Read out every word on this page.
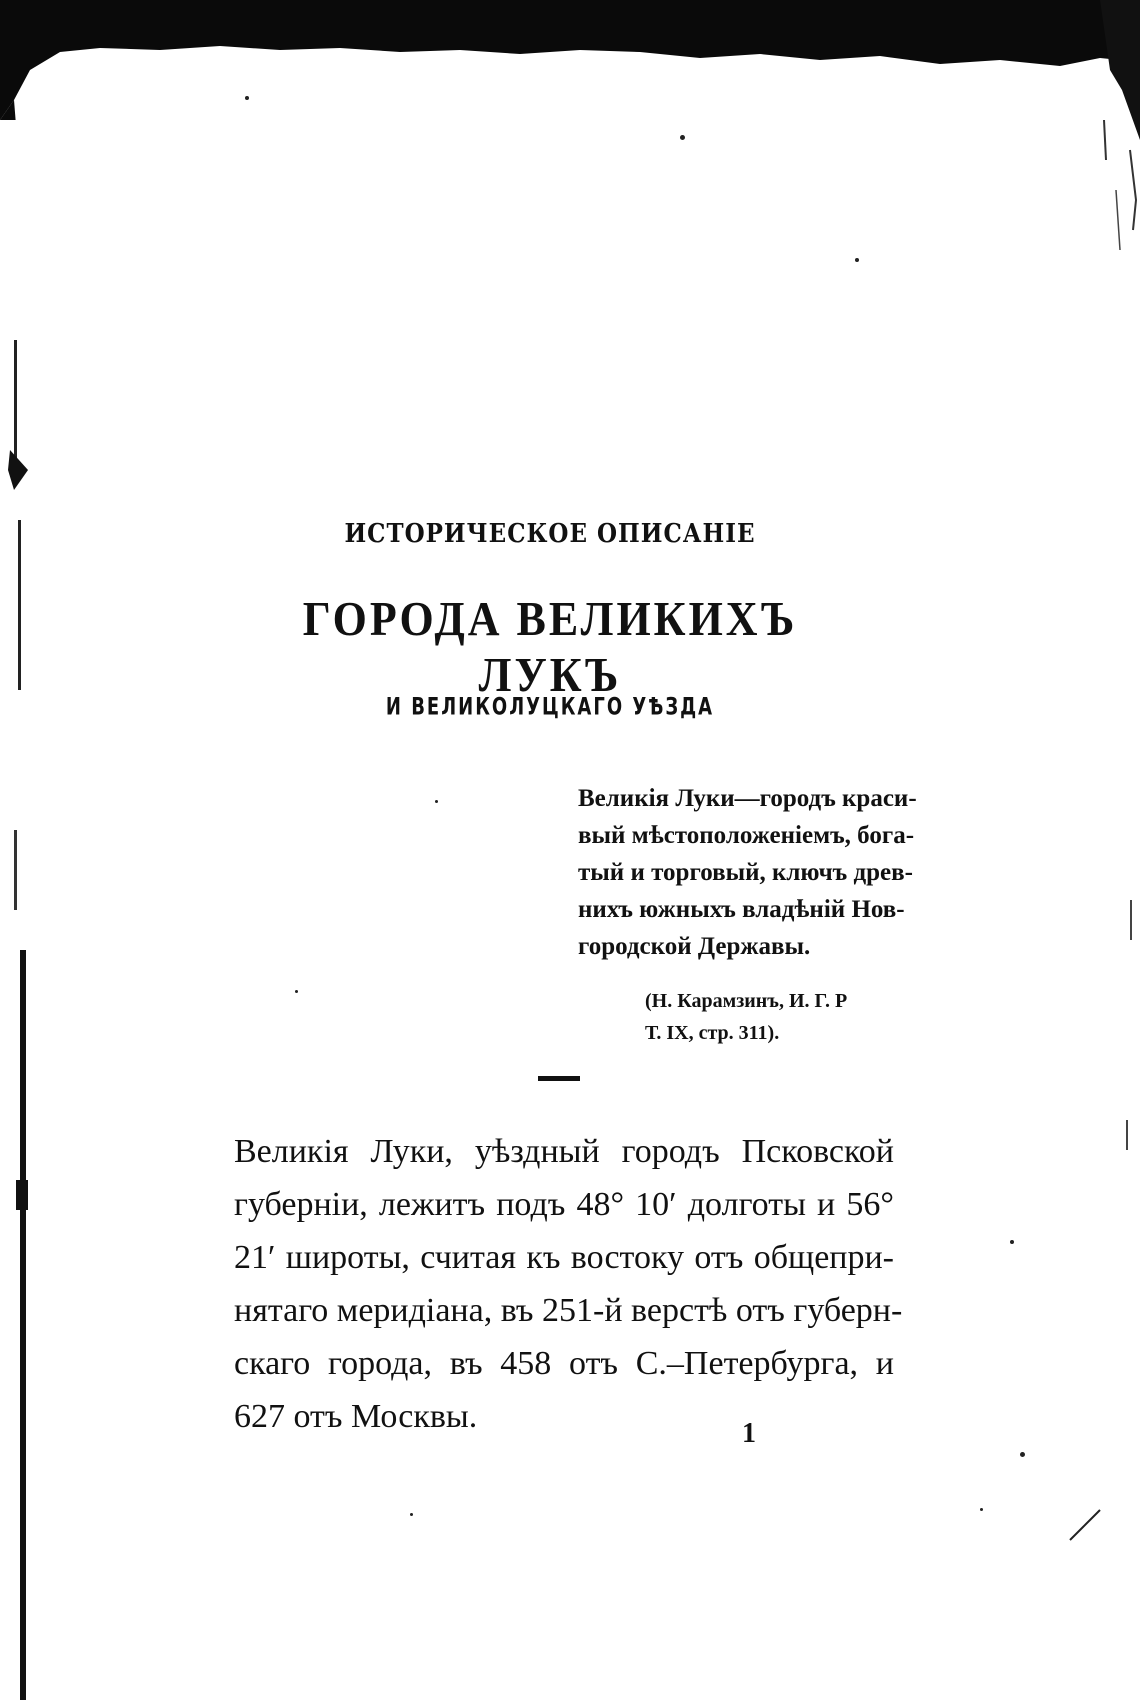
ИСТОРИЧЕСКОЕ ОПИСАНІЕ
ГОРОДА ВЕЛИКИХЪ ЛУКЪ
И ВЕЛИКОЛУЦКАГО УѢЗДА
Великія Луки—городъ краси-
вый мѣстоположеніемъ, бога-
тый и торговый, ключъ древ-
нихъ южныхъ владѣній Нов-
городской Державы.
(Н. Карамзинъ, И. Г. Р
Т. IX, стр. 311).
Великія Луки, уѣздный городъ Псковской
губерніи, лежитъ подъ 48° 10′ долготы и 56°
21′ широты, считая къ востоку отъ общепри-
нятаго меридіана, въ 251-й верстѣ отъ губерн-
скаго города, въ 458 отъ С.–Петербурга, и
627 отъ Москвы.	1
